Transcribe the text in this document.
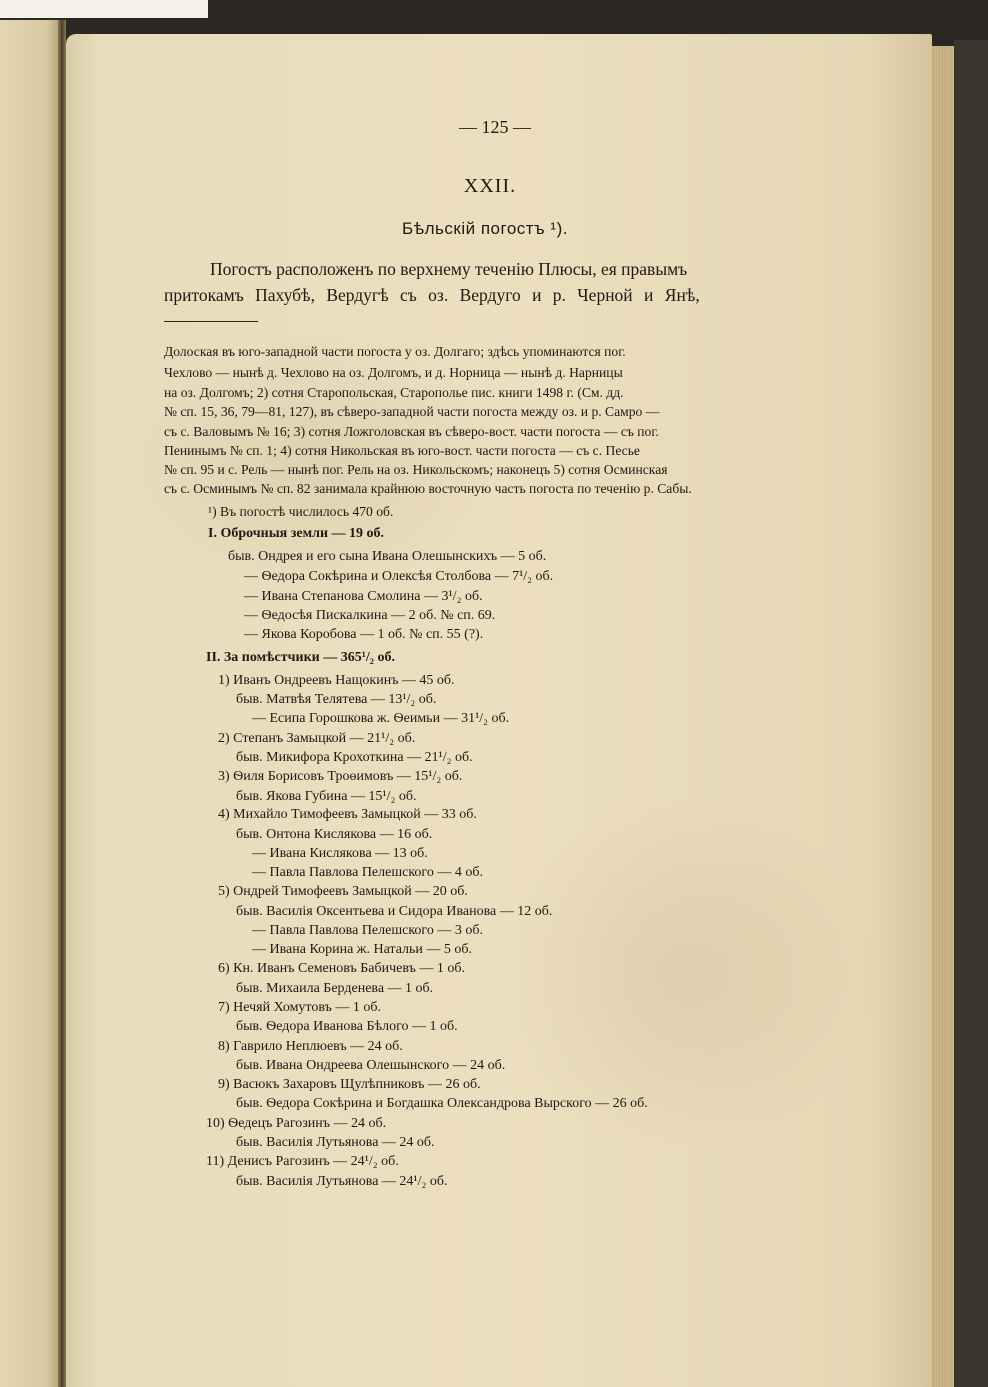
— 125 —
XXII.
Бѣльскій погостъ ¹).
Погостъ расположенъ по верхнему теченію Плюсы, ея правымъ
притокамъ Пахубѣ, Вердугѣ съ оз. Вердуго и р. Черной и Янѣ,
Долоская въ юго-западной части погоста у оз. Долгаго; здѣсь упоминаются пог.
Чехлово — нынѣ д. Чехлово на оз. Долгомъ, и д. Норница — нынѣ д. Нарницы
на оз. Долгомъ; 2) сотня Старопольская, Старополье пис. книги 1498 г. (См. дд.
№ сп. 15, 36, 79—81, 127), въ сѣверо-западной части погоста между оз. и р. Самро —
съ с. Валовымъ № 16; 3) сотня Ложголовская въ сѣверо-вост. части погоста — съ пог.
Пенинымъ № сп. 1; 4) сотня Никольская въ юго-вост. части погоста — съ с. Песье
№ сп. 95 и с. Рель — нынѣ пог. Рель на оз. Никольскомъ; наконецъ 5) сотня Осминская
съ с. Осминымъ № сп. 82 занимала крайнюю восточную часть погоста по теченію р. Сабы.
¹) Въ погостѣ числилось 470 об.
I. Оброчныя земли — 19 об.
быв. Ондрея и его сына Ивана Олешынскихъ — 5 об.
— Ѳедора Сокѣрина и Олексѣя Столбова — 7¹/₂ об.
— Ивана Степанова Смолина — 3¹/₂ об.
— Ѳедосѣя Пискалкина — 2 об. № сп. 69.
— Якова Коробова — 1 об. № сп. 55 (?).
II. За помѣстчики — 365¹/₂ об.
1) Иванъ Ондреевъ Нащокинъ — 45 об.
быв. Матвѣя Телятева — 13¹/₂ об.
— Есипа Горошкова ж. Ѳеимьи — 31¹/₂ об.
2) Степанъ Замыцкой — 21¹/₂ об.
быв. Микифора Крохоткина — 21¹/₂ об.
3) Ѳиля Борисовъ Троѳимовъ — 15¹/₂ об.
быв. Якова Губина — 15¹/₂ об.
4) Михайло Тимофеевъ Замыцкой — 33 об.
быв. Онтона Кислякова — 16 об.
— Ивана Кислякова — 13 об.
— Павла Павлова Пелешского — 4 об.
5) Ондрей Тимофеевъ Замыцкой — 20 об.
быв. Василія Оксентьева и Сидора Иванова — 12 об.
— Павла Павлова Пелешского — 3 об.
— Ивана Корина ж. Натальи — 5 об.
6) Кн. Иванъ Семеновъ Бабичевъ — 1 об.
быв. Михаила Берденева — 1 об.
7) Нечяй Хомутовъ — 1 об.
быв. Ѳедора Иванова Бѣлого — 1 об.
8) Гаврило Неплюевъ — 24 об.
быв. Ивана Ондреева Олешынского — 24 об.
9) Васюкъ Захаровъ Щулѣпниковъ — 26 об.
быв. Ѳедора Сокѣрина и Богдашка Олександрова Вырского — 26 об.
10) Ѳедецъ Рагозинъ — 24 об.
быв. Василія Лутьянова — 24 об.
11) Денисъ Рагозинъ — 24¹/₂ об.
быв. Василія Лутьянова — 24¹/₂ об.
